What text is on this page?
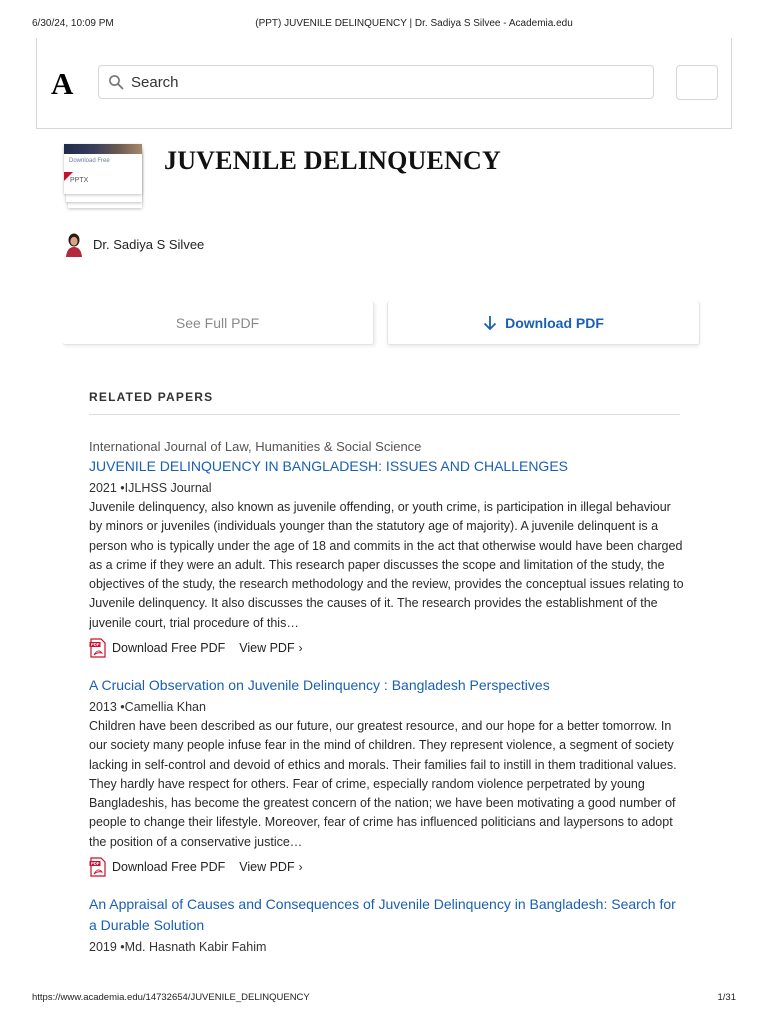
6/30/24, 10:09 PM	(PPT) JUVENILE DELINQUENCY | Dr. Sadiya S Silvee - Academia.edu
A	Search
Download Free
PPTX
JUVENILE DELINQUENCY
Dr. Sadiya S Silvee
See Full PDF	Download PDF
RELATED PAPERS
International Journal of Law, Humanities & Social Science
JUVENILE DELINQUENCY IN BANGLADESH: ISSUES AND CHALLENGES
2021 •IJLHSS Journal
Juvenile delinquency, also known as juvenile offending, or youth crime, is participation in illegal behaviour by minors or juveniles (individuals younger than the statutory age of majority). A juvenile delinquent is a person who is typically under the age of 18 and commits in the act that otherwise would have been charged as a crime if they were an adult. This research paper discusses the scope and limitation of the study, the objectives of the study, the research methodology and the review, provides the conceptual issues relating to Juvenile delinquency. It also discusses the causes of it. The research provides the establishment of the juvenile court, trial procedure of this…
PDF Download Free PDF View PDF ›
A Crucial Observation on Juvenile Delinquency : Bangladesh Perspectives
2013 •Camellia Khan
Children have been described as our future, our greatest resource, and our hope for a better tomorrow. In our society many people infuse fear in the mind of children. They represent violence, a segment of society lacking in self-control and devoid of ethics and morals. Their families fail to instill in them traditional values. They hardly have respect for others. Fear of crime, especially random violence perpetrated by young Bangladeshis, has become the greatest concern of the nation; we have been motivating a good number of people to change their lifestyle. Moreover, fear of crime has influenced politicians and laypersons to adopt the position of a conservative justice…
PDF Download Free PDF View PDF ›
An Appraisal of Causes and Consequences of Juvenile Delinquency in Bangladesh: Search for a Durable Solution
2019 •Md. Hasnath Kabir Fahim
https://www.academia.edu/14732654/JUVENILE_DELINQUENCY	1/31
